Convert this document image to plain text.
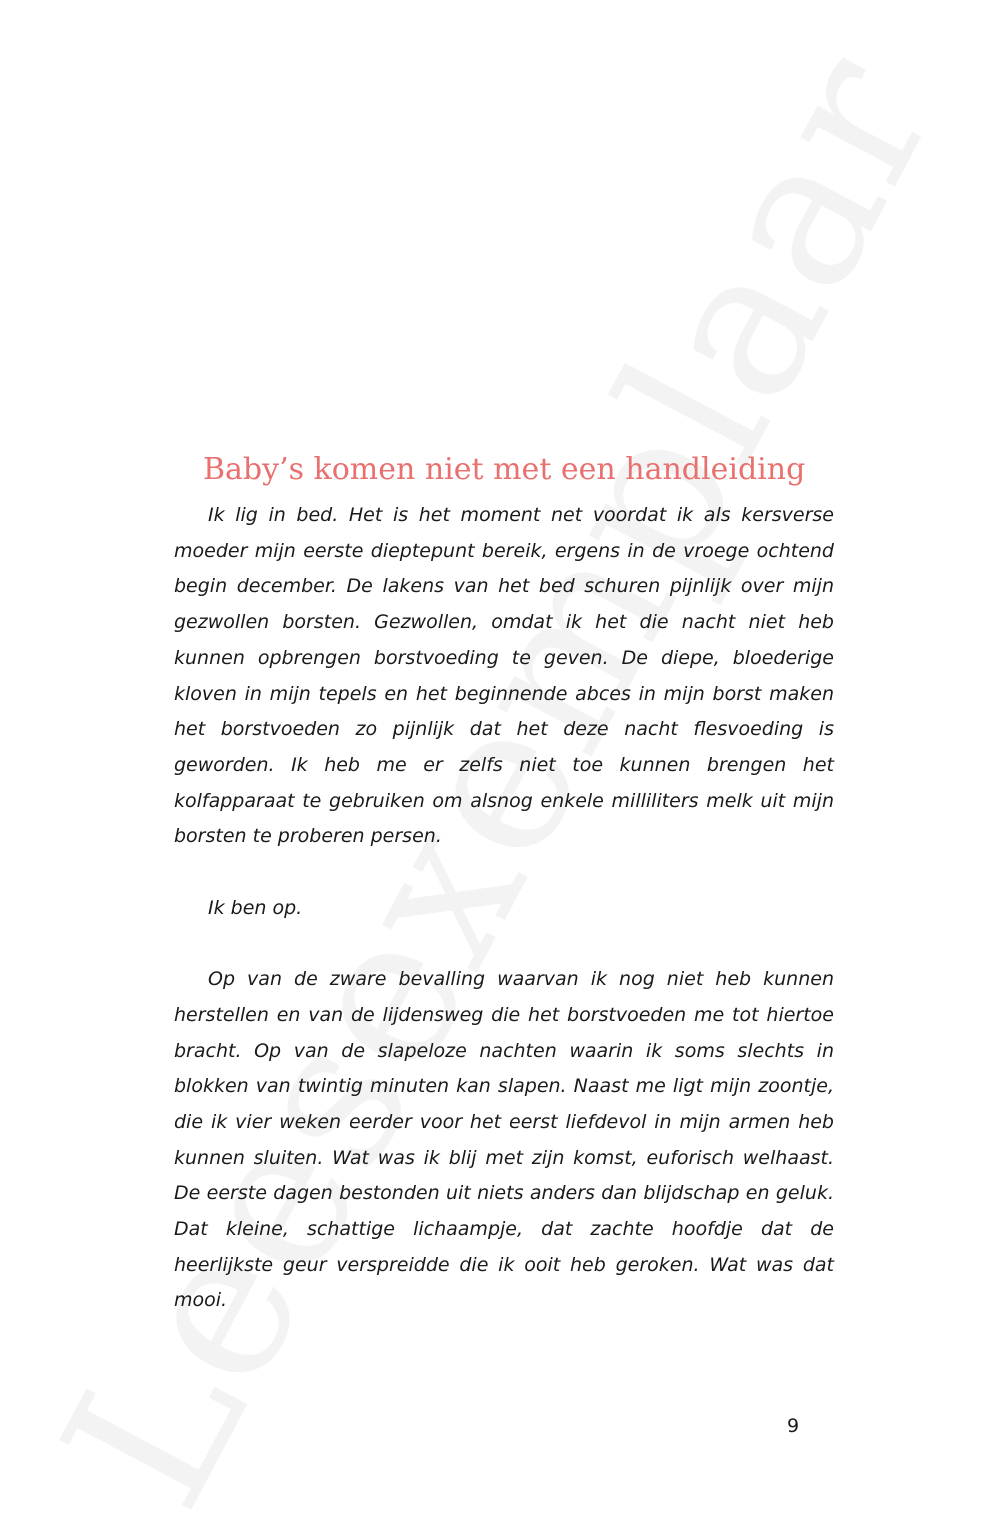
Baby’s komen niet met een handleiding

Ik lig in bed. Het is het moment net voordat ik als kersverse moeder mijn eerste dieptepunt bereik, ergens in de vroege ochtend begin december. De lakens van het bed schuren pijnlijk over mijn gezwollen borsten. Gezwollen, omdat ik het die nacht niet heb kunnen opbrengen borstvoeding te geven. De diepe, bloederige kloven in mijn tepels en het beginnende abces in mijn borst maken het borstvoeden zo pijnlijk dat het deze nacht flesvoeding is geworden. Ik heb me er zelfs niet toe kunnen brengen het kolfapparaat te gebruiken om alsnog enkele milliliters melk uit mijn borsten te proberen persen.

Ik ben op.

Op van de zware bevalling waarvan ik nog niet heb kunnen herstellen en van de lijdensweg die het borstvoeden me tot hiertoe bracht. Op van de slapeloze nachten waarin ik soms slechts in blokken van twintig minuten kan slapen. Naast me ligt mijn zoontje, die ik vier weken eerder voor het eerst liefdevol in mijn armen heb kunnen sluiten. Wat was ik blij met zijn komst, euforisch welhaast. De eerste dagen bestonden uit niets anders dan blijdschap en geluk. Dat kleine, schattige lichaampje, dat zachte hoofdje dat de heerlijkste geur verspreidde die ik ooit heb geroken. Wat was dat mooi.

9
